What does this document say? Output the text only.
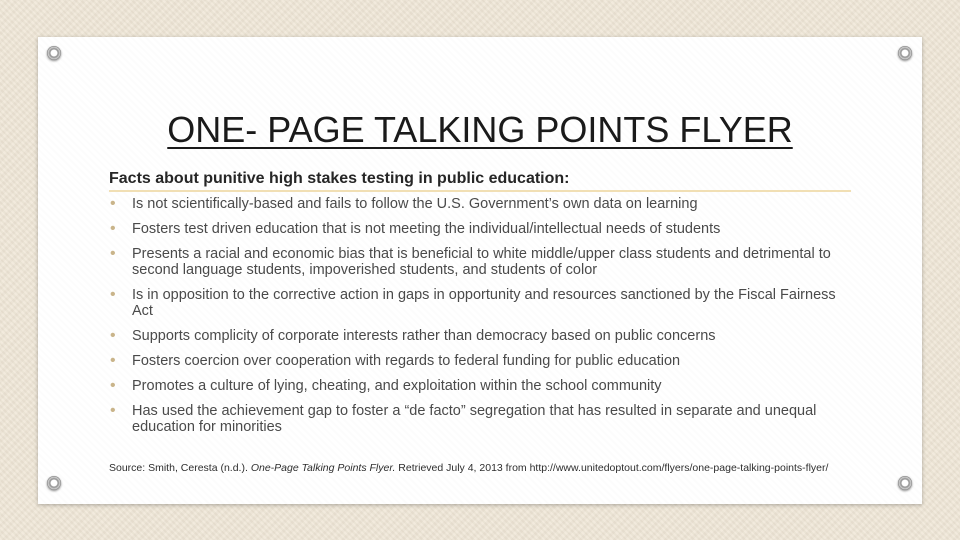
ONE- PAGE TALKING POINTS FLYER
Facts about punitive high stakes testing in public education:
• Is not scientifically-based and fails to follow the U.S. Government’s own data on learning
• Fosters test driven education that is not meeting the individual/intellectual needs of students
• Presents a racial and economic bias that is beneficial to white middle/upper class students and detrimental to second language students, impoverished students, and students of color
• Is in opposition to the corrective action in gaps in opportunity and resources sanctioned by the Fiscal Fairness Act
• Supports complicity of corporate interests rather than democracy based on public concerns
• Fosters coercion over cooperation with regards to federal funding for public education
• Promotes a culture of lying, cheating, and exploitation within the school community
• Has used the achievement gap to foster a “de facto” segregation that has resulted in separate and unequal education for minorities
Source: Smith, Ceresta (n.d.). One-Page Talking Points Flyer. Retrieved July 4, 2013 from http://www.unitedoptout.com/flyers/one-page-talking-points-flyer/
